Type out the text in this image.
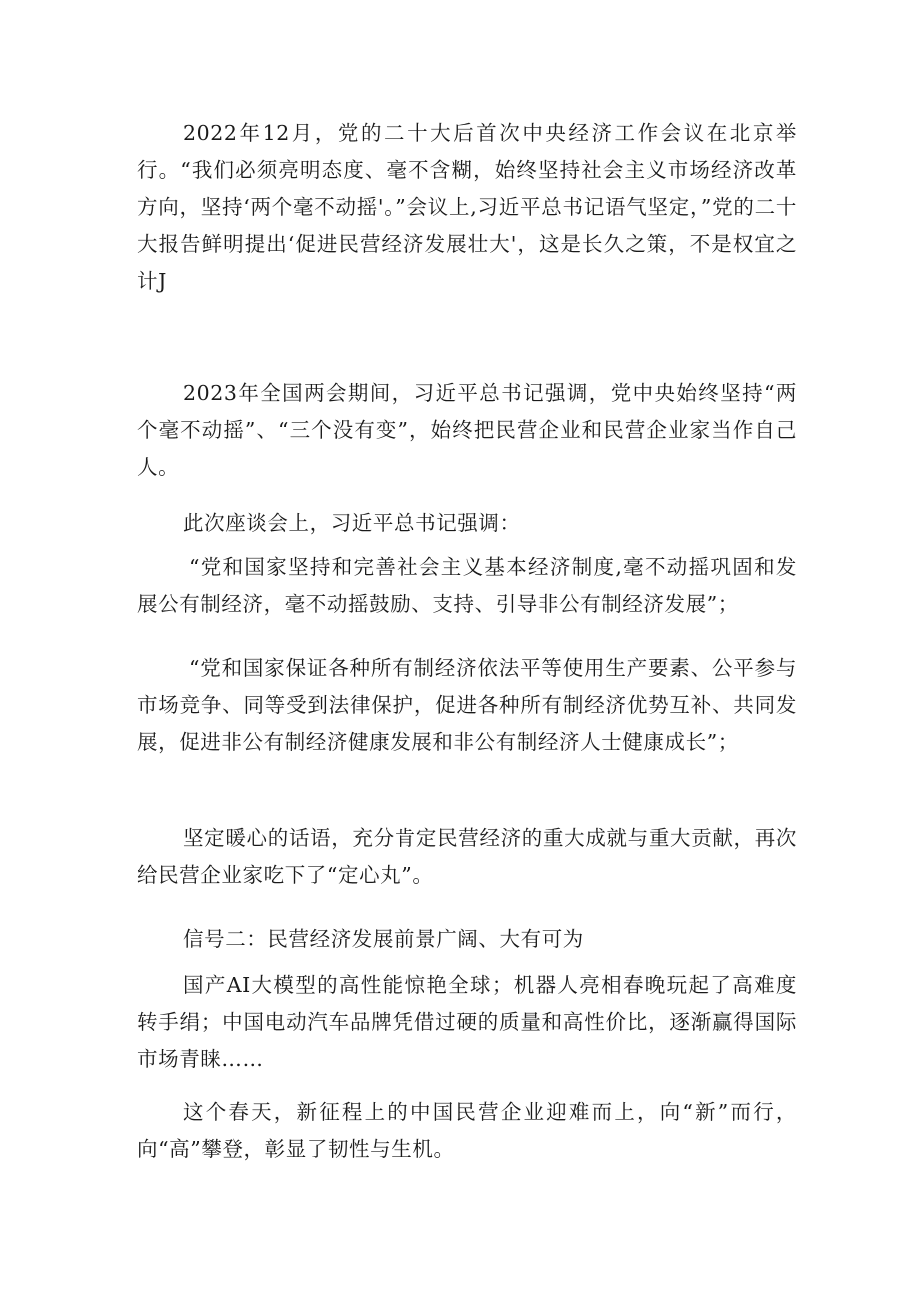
2022年12月，党的二十大后首次中央经济工作会议在北京举行。“我们必须亮明态度、毫不含糊，始终坚持社会主义市场经济改革方向，坚持‘两个毫不动摇'。”会议上,习近平总书记语气坚定，”党的二十大报告鲜明提出‘促进民营经济发展壮大'，这是长久之策，不是权宜之计J

2023年全国两会期间，习近平总书记强调，党中央始终坚持“两个毫不动摇”、“三个没有变”，始终把民营企业和民营企业家当作自己人。

此次座谈会上，习近平总书记强调：

“党和国家坚持和完善社会主义基本经济制度,毫不动摇巩固和发展公有制经济，毫不动摇鼓励、支持、引导非公有制经济发展”；

“党和国家保证各种所有制经济依法平等使用生产要素、公平参与市场竞争、同等受到法律保护，促进各种所有制经济优势互补、共同发展，促进非公有制经济健康发展和非公有制经济人士健康成长”；

坚定暖心的话语，充分肯定民营经济的重大成就与重大贡献，再次给民营企业家吃下了“定心丸”。

信号二：民营经济发展前景广阔、大有可为

国产AI大模型的高性能惊艳全球；机器人亮相春晚玩起了高难度转手绢；中国电动汽车品牌凭借过硬的质量和高性价比，逐渐赢得国际市场青睐……

这个春天，新征程上的中国民营企业迎难而上，向“新”而行，向“高”攀登，彰显了韧性与生机。
